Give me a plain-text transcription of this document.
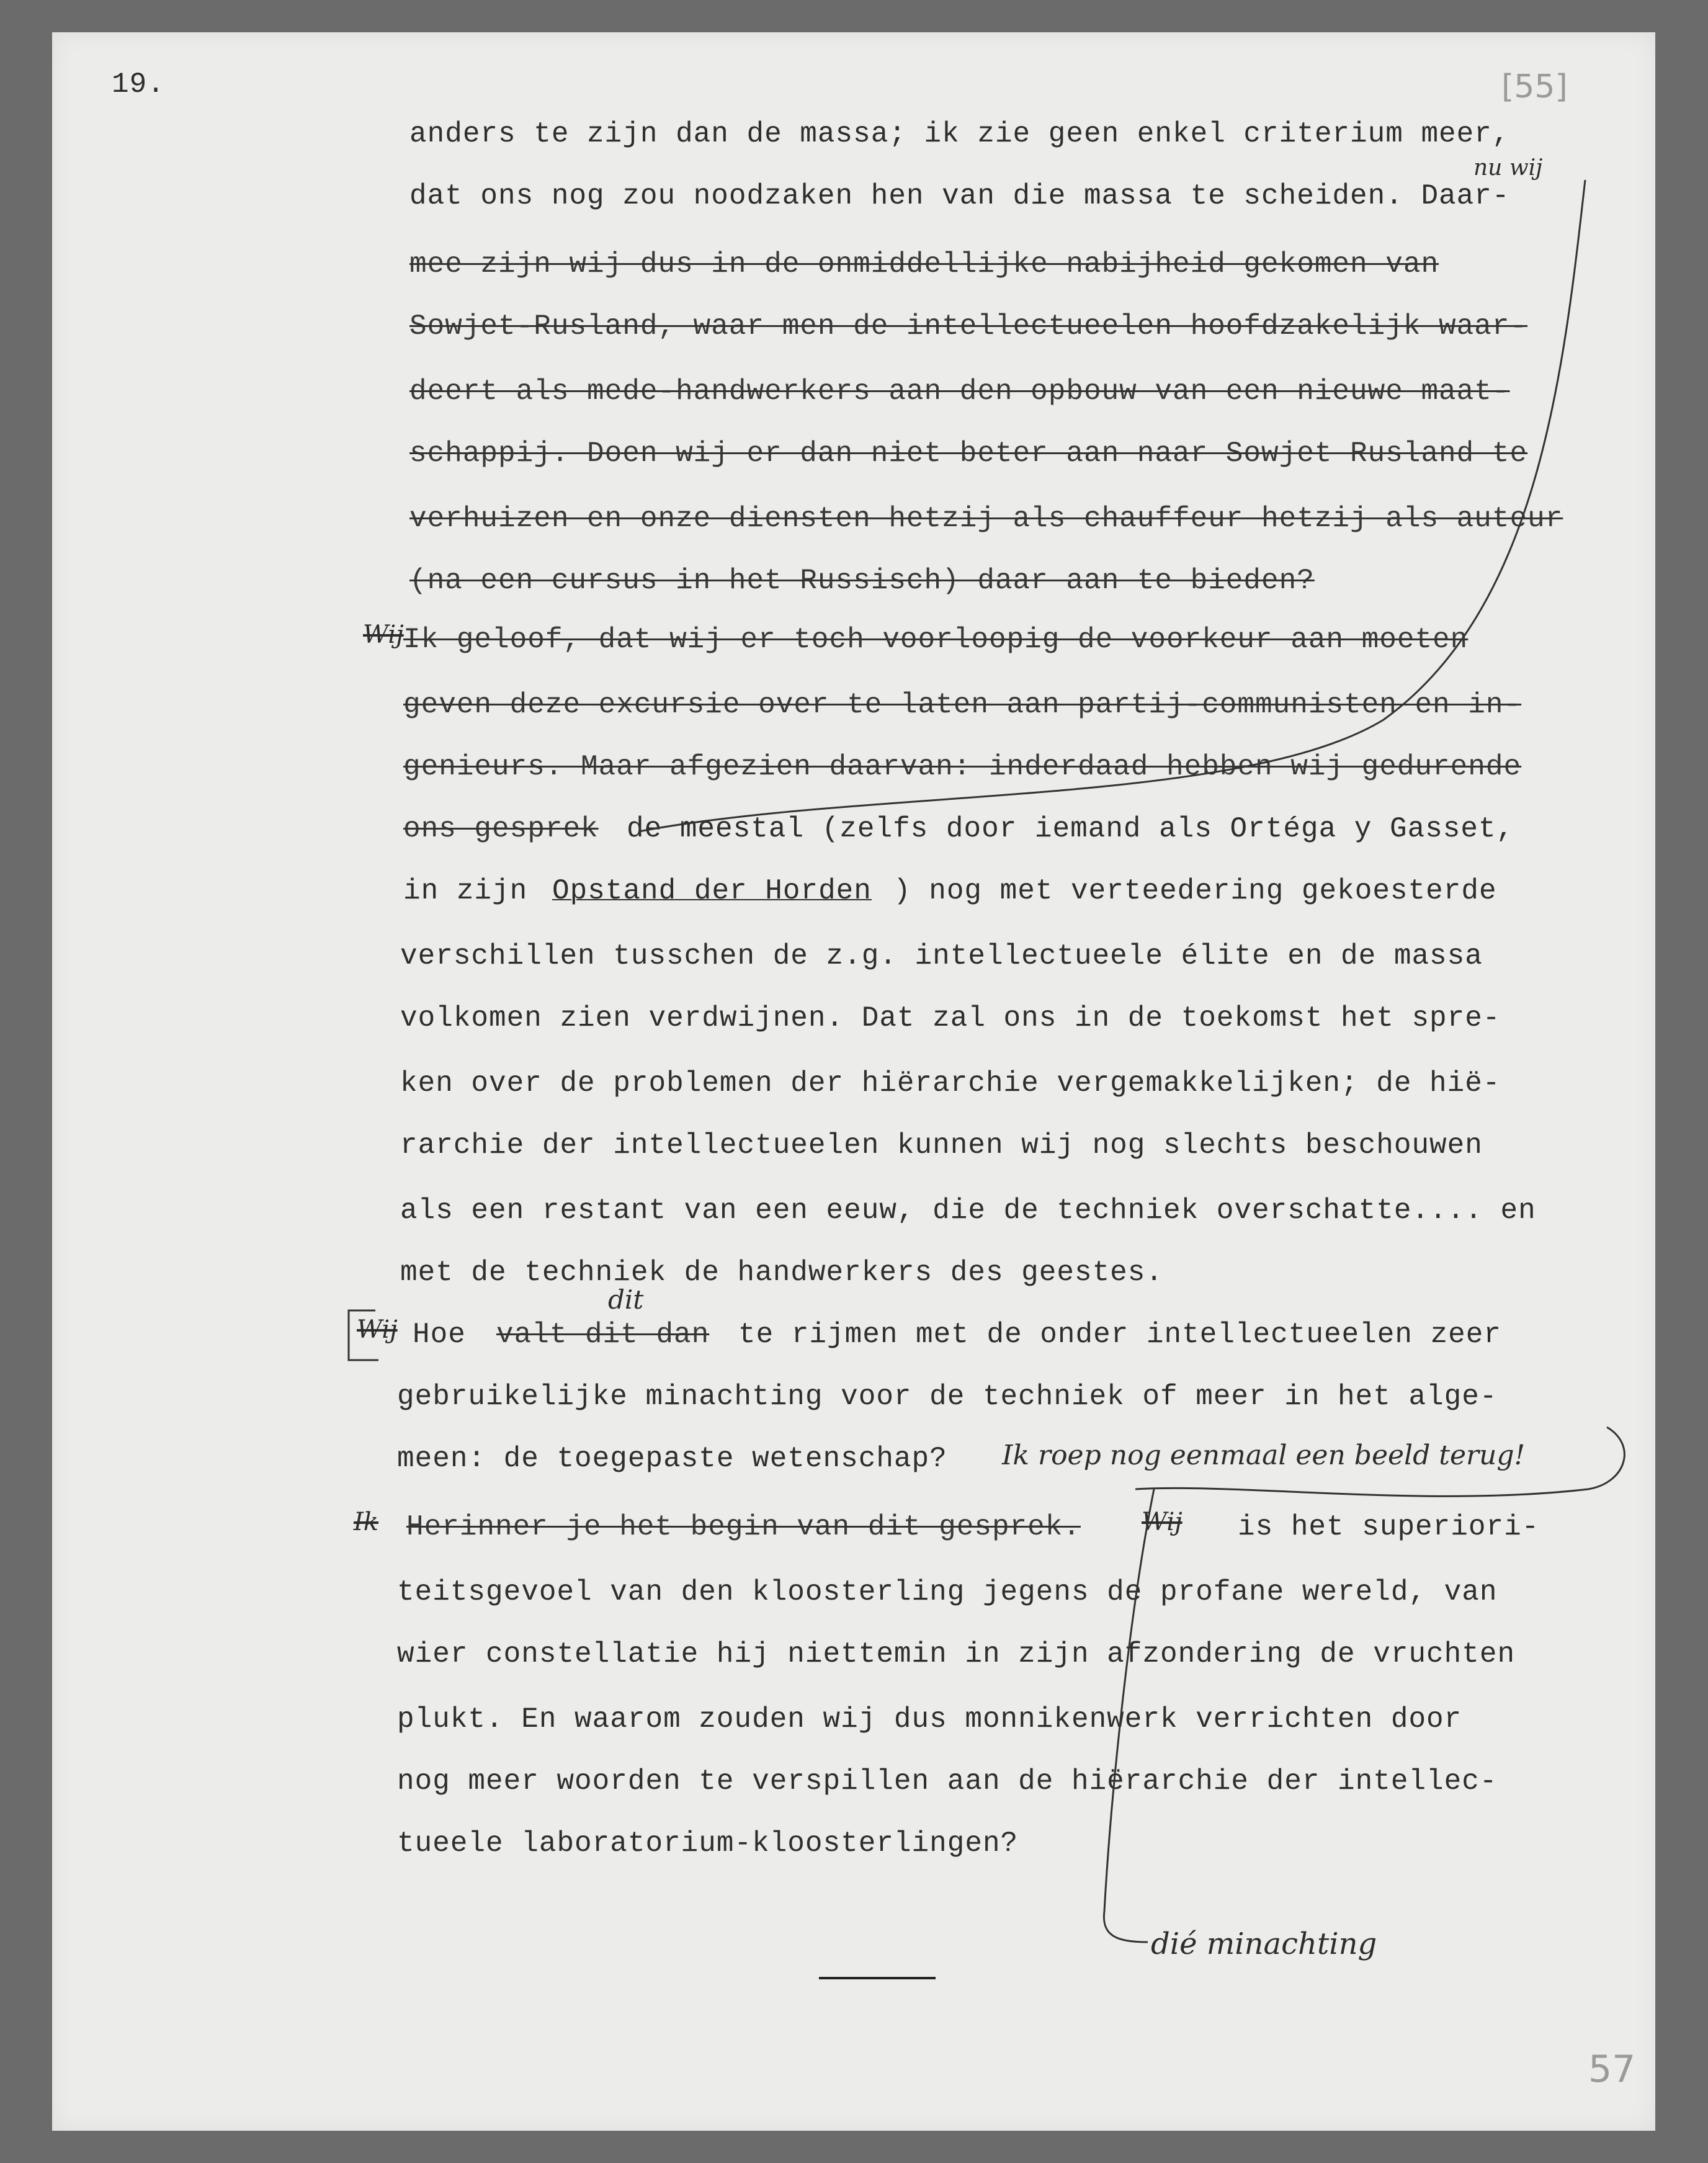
[55]
57
19.
anders te zijn dan de massa; ik zie geen enkel criterium meer,
dat ons nog zou noodzaken hen van die massa te scheiden. Daar-
mee zijn wij dus in de onmiddellijke nabijheid gekomen van
Sowjet-Rusland, waar men de intellectueelen hoofdzakelijk waar-
deert als mede-handwerkers aan den opbouw van een nieuwe maat-
schappij. Doen wij er dan niet beter aan naar Sowjet Rusland te
verhuizen en onze diensten hetzij als chauffeur hetzij als auteur
(na een cursus in het Russisch) daar aan te bieden?
Wij Ik geloof, dat wij er toch voorloopig de voorkeur aan moeten
geven deze excursie over te laten aan partij-communisten en in-
genieurs. Maar afgezien daarvan: inderdaad hebben wij gedurende
ons gesprek de meestal (zelfs door iemand als Ortéga y Gasset,
in zijn Opstand der Horden ) nog met verteedering gekoesterde
verschillen tusschen de z.g. intellectueele élite en de massa
volkomen zien verdwijnen. Dat zal ons in de toekomst het spre-
ken over de problemen der hiërarchie vergemakkelijken; de hië-
rarchie der intellectueelen kunnen wij nog slechts beschouwen
als een restant van een eeuw, die de techniek overschatte.... en
met de techniek de handwerkers des geestes.
Wij Hoe valt dit dan
dit
te rijmen met de onder intellectueelen zeer
gebruikelijke minachting voor de techniek of meer in het alge-
meen: de toegepaste wetenschap? Ik roep nog eenmaal een beeld terug!
Ik Herinner je het begin van dit gesprek. Wij is het superiori-
teitsgevoel van den kloosterling jegens de profane wereld, van
wier constellatie hij niettemin in zijn afzondering de vruchten
plukt. En waarom zouden wij dus monnikenwerk verrichten door
nog meer woorden te verspillen aan de hiërarchie der intellec-
tueele laboratorium-kloosterlingen?
nu wij
dié minachting
